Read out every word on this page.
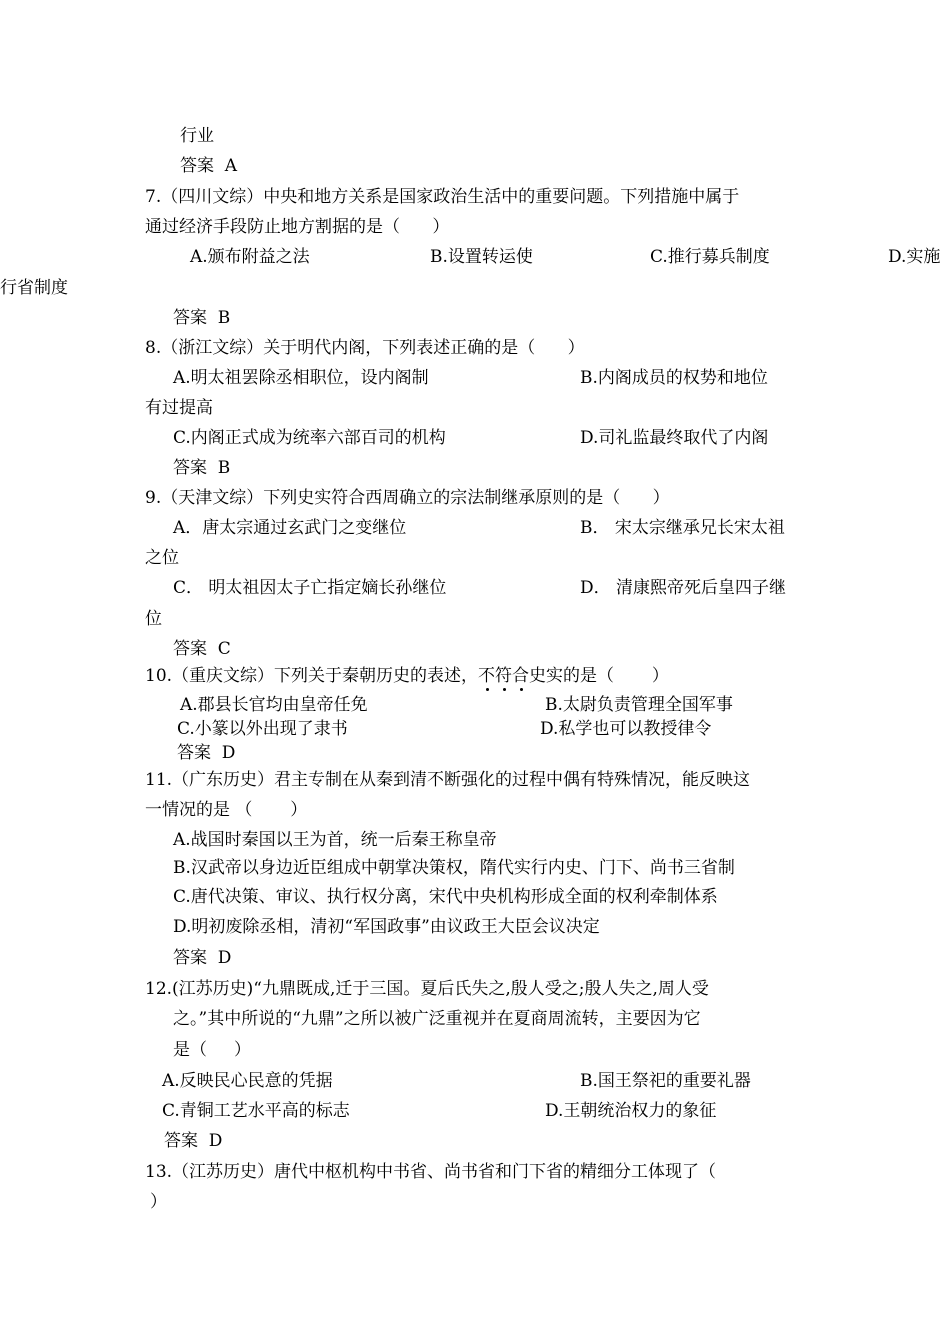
行业
答案  A
7.（四川文综）中央和地方关系是国家政治生活中的重要问题。下列措施中属于
通过经济手段防止地方割据的是（      ）
A.颁布附益之法	B.设置转运使	C.推行募兵制度	D.实施
行省制度
答案  B
8.（浙江文综）关于明代内阁，下列表述正确的是（      ）
A.明太祖罢除丞相职位，设内阁制	B.内阁成员的权势和地位
有过提高
C.内阁正式成为统率六部百司的机构	D.司礼监最终取代了内阁
答案  B
9.（天津文综）下列史实符合西周确立的宗法制继承原则的是（      ）
A．唐太宗通过玄武门之变继位	B． 宋太宗继承兄长宋太祖
之位
C． 明太祖因太子亡指定嫡长孙继位	D． 清康熙帝死后皇四子继
位
答案  C
10.（重庆文综）下列关于秦朝历史的表述，不符合史实的是（       ）
A.郡县长官均由皇帝任免	B.太尉负责管理全国军事
C.小篆以外出现了隶书	D.私学也可以教授律令
答案  D
11.（广东历史）君主专制在从秦到清不断强化的过程中偶有特殊情况，能反映这
一情况的是 （       ）
A.战国时秦国以王为首，统一后秦王称皇帝
B.汉武帝以身边近臣组成中朝掌决策权，隋代实行内史、门下、尚书三省制
C.唐代决策、审议、执行权分离，宋代中央机构形成全面的权利牵制体系
D.明初废除丞相，清初“军国政事”由议政王大臣会议决定
答案  D
12.(江苏历史)“九鼎既成,迁于三国。夏后氏失之,殷人受之;殷人失之,周人受
之。”其中所说的“九鼎”之所以被广泛重视并在夏商周流转，主要因为它
是（     ）
A.反映民心民意的凭据	B.国王祭祀的重要礼器
C.青铜工艺水平高的标志	D.王朝统治权力的象征
答案  D
13.（江苏历史）唐代中枢机构中书省、尚书省和门下省的精细分工体现了（
）
